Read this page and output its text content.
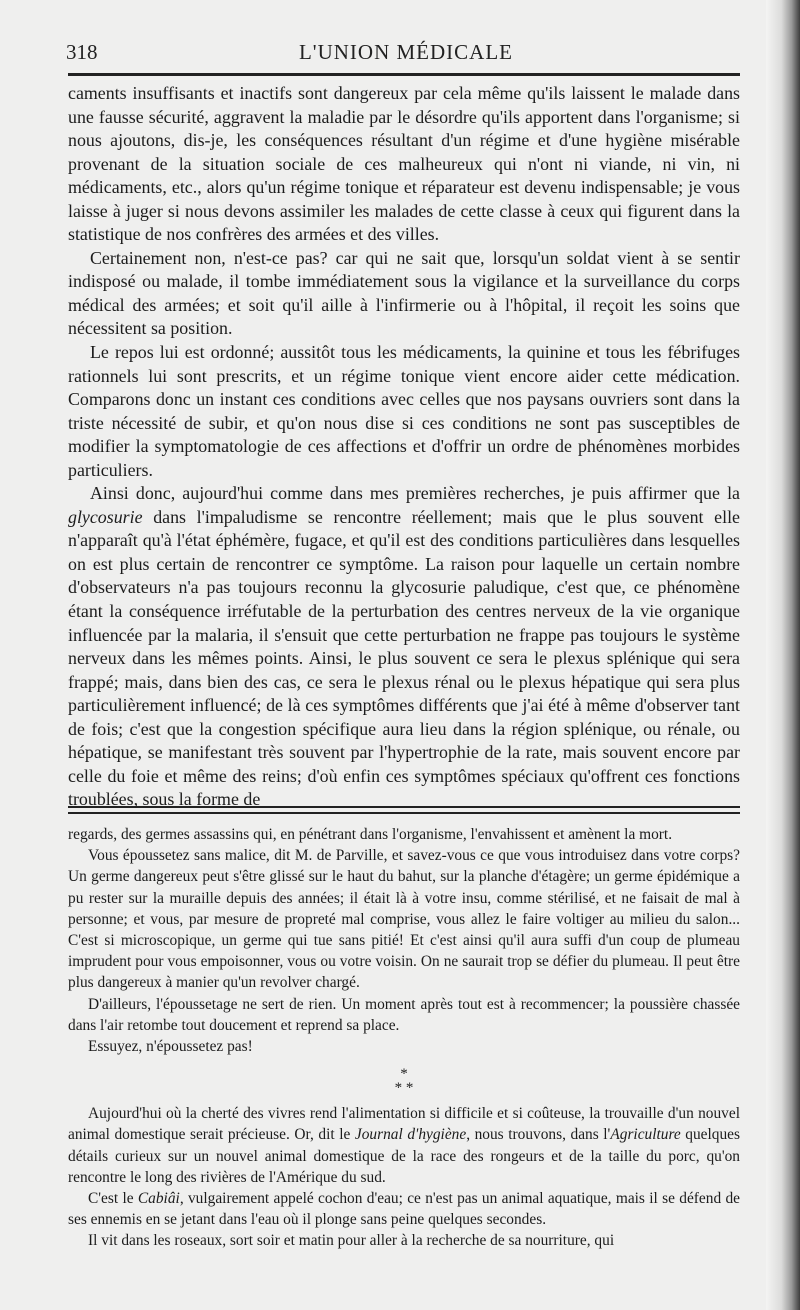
318	L'UNION MÉDICALE

caments insuffisants et inactifs sont dangereux par cela même qu'ils laissent le malade dans une fausse sécurité, aggravent la maladie par le désordre qu'ils apportent dans l'organisme; si nous ajoutons, dis-je, les conséquences résultant d'un régime et d'une hygiène misérable provenant de la situation sociale de ces malheureux qui n'ont ni viande, ni vin, ni médicaments, etc., alors qu'un régime tonique et réparateur est devenu indispensable; je vous laisse à juger si nous devons assimiler les malades de cette classe à ceux qui figurent dans la statistique de nos confrères des armées et des villes.

Certainement non, n'est-ce pas? car qui ne sait que, lorsqu'un soldat vient à se sentir indisposé ou malade, il tombe immédiatement sous la vigilance et la surveillance du corps médical des armées; et soit qu'il aille à l'infirmerie ou à l'hôpital, il reçoit les soins que nécessitent sa position.

Le repos lui est ordonné; aussitôt tous les médicaments, la quinine et tous les fébrifuges rationnels lui sont prescrits, et un régime tonique vient encore aider cette médication. Comparons donc un instant ces conditions avec celles que nos paysans ouvriers sont dans la triste nécessité de subir, et qu'on nous dise si ces conditions ne sont pas susceptibles de modifier la symptomatologie de ces affections et d'offrir un ordre de phénomènes morbides particuliers.

Ainsi donc, aujourd'hui comme dans mes premières recherches, je puis affirmer que la glycosurie dans l'impaludisme se rencontre réellement; mais que le plus souvent elle n'apparaît qu'à l'état éphémère, fugace, et qu'il est des conditions particulières dans lesquelles on est plus certain de rencontrer ce symptôme. La raison pour laquelle un certain nombre d'observateurs n'a pas toujours reconnu la glycosurie paludique, c'est que, ce phénomène étant la conséquence irréfutable de la perturbation des centres nerveux de la vie organique influencée par la malaria, il s'ensuit que cette perturbation ne frappe pas toujours le système nerveux dans les mêmes points. Ainsi, le plus souvent ce sera le plexus splénique qui sera frappé; mais, dans bien des cas, ce sera le plexus rénal ou le plexus hépatique qui sera plus particulièrement influencé; de là ces symptômes différents que j'ai été à même d'observer tant de fois; c'est que la congestion spécifique aura lieu dans la région splénique, ou rénale, ou hépatique, se manifestant très souvent par l'hypertrophie de la rate, mais souvent encore par celle du foie et même des reins; d'où enfin ces symptômes spéciaux qu'offrent ces fonctions troublées, sous la forme de

regards, des germes assassins qui, en pénétrant dans l'organisme, l'envahissent et amènent la mort.

Vous époussetez sans malice, dit M. de Parville, et savez-vous ce que vous introduisez dans votre corps? Un germe dangereux peut s'être glissé sur le haut du bahut, sur la planche d'étagère; un germe épidémique a pu rester sur la muraille depuis des années; il était là à votre insu, comme stérilisé, et ne faisait de mal à personne; et vous, par mesure de propreté mal comprise, vous allez le faire voltiger au milieu du salon... C'est si microscopique, un germe qui tue sans pitié! Et c'est ainsi qu'il aura suffi d'un coup de plumeau imprudent pour vous empoisonner, vous ou votre voisin. On ne saurait trop se défier du plumeau. Il peut être plus dangereux à manier qu'un revolver chargé.

D'ailleurs, l'époussetage ne sert de rien. Un moment après tout est à recommencer; la poussière chassée dans l'air retombe tout doucement et reprend sa place.

Essuyez, n'époussetez pas!

*
* *

Aujourd'hui où la cherté des vivres rend l'alimentation si difficile et si coûteuse, la trouvaille d'un nouvel animal domestique serait précieuse. Or, dit le Journal d'hygiène, nous trouvons, dans l'Agriculture quelques détails curieux sur un nouvel animal domestique de la race des rongeurs et de la taille du porc, qu'on rencontre le long des rivières de l'Amérique du sud.

C'est le Cabiâi, vulgairement appelé cochon d'eau; ce n'est pas un animal aquatique, mais il se défend de ses ennemis en se jetant dans l'eau où il plonge sans peine quelques secondes.

Il vit dans les roseaux, sort soir et matin pour aller à la recherche de sa nourriture, qui
